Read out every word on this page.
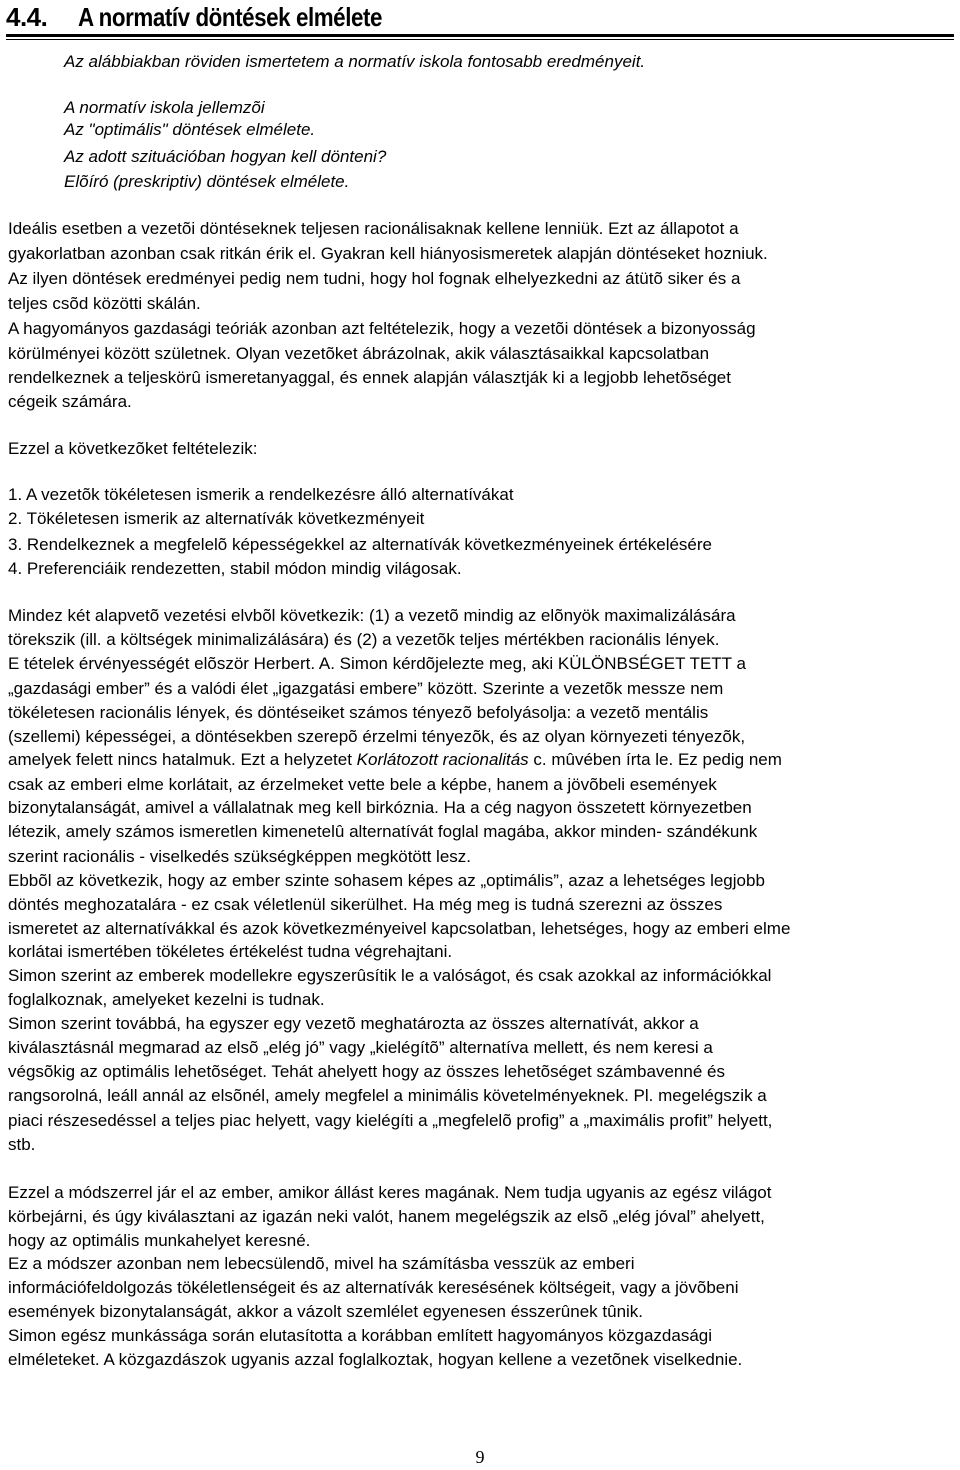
4.4.	A normatív döntések elmélete
Az alábbiakban röviden ismertetem a normatív iskola fontosabb eredményeit.
A normatív iskola jellemzõi
Az "optimális" döntések elmélete.
Az adott szituációban hogyan kell dönteni?
Elõíró (preskriptiv) döntések elmélete.
Ideális esetben a vezetõi döntéseknek teljesen racionálisaknak kellene lenniük. Ezt az állapotot a
gyakorlatban azonban csak ritkán érik el. Gyakran kell hiányosismeretek alapján döntéseket hozniuk.
Az ilyen döntések eredményei pedig nem tudni, hogy hol fognak elhelyezkedni az átütõ siker és a
teljes csõd közötti skálán.
A hagyományos gazdasági teóriák azonban azt feltételezik, hogy a vezetõi döntések a bizonyosság
körülményei között születnek. Olyan vezetõket ábrázolnak, akik választásaikkal kapcsolatban
rendelkeznek a teljeskörû ismeretanyaggal, és ennek alapján választják ki a legjobb lehetõséget
cégeik számára.
Ezzel a következõket feltételezik:
1. A vezetõk tökéletesen ismerik a rendelkezésre álló alternatívákat
2. Tökéletesen ismerik az alternatívák következményeit
3. Rendelkeznek a megfelelõ képességekkel az alternatívák következményeinek értékelésére
4. Preferenciáik rendezetten, stabil módon mindig világosak.
Mindez két alapvetõ vezetési elvbõl következik: (1) a vezetõ mindig az elõnyök maximalizálására
törekszik (ill. a költségek minimalizálására) és (2) a vezetõk teljes mértékben racionális lények.
E tételek érvényességét elõször Herbert. A. Simon kérdõjelezte meg, aki KÜLÖNBSÉGET TETT a
„gazdasági ember” és a valódi élet „igazgatási embere” között. Szerinte a vezetõk messze nem
tökéletesen racionális lények, és döntéseiket számos tényezõ befolyásolja: a vezetõ mentális
(szellemi) képességei, a döntésekben szerepõ érzelmi tényezõk, és az olyan környezeti tényezõk,
amelyek felett nincs hatalmuk. Ezt a helyzetet Korlátozott racionalitás c. mûvében írta le. Ez pedig nem
csak az emberi elme korlátait, az érzelmeket vette bele a képbe, hanem a jövõbeli események
bizonytalanságát, amivel a vállalatnak meg kell birkóznia. Ha a cég nagyon összetett környezetben
létezik, amely számos ismeretlen kimenetelû alternatívát foglal magába, akkor minden- szándékunk
szerint racionális - viselkedés szükségképpen megkötött lesz.
Ebbõl az következik, hogy az ember szinte sohasem képes az „optimális”, azaz a lehetséges legjobb
döntés meghozatalára - ez csak véletlenül sikerülhet. Ha még meg is tudná szerezni az összes
ismeretet az alternatívákkal és azok következményeivel kapcsolatban, lehetséges, hogy az emberi elme
korlátai ismertében tökéletes értékelést tudna végrehajtani.
Simon szerint az emberek modellekre egyszerûsítik le a valóságot, és csak azokkal az információkkal
foglalkoznak, amelyeket kezelni is tudnak.
Simon szerint továbbá, ha egyszer egy vezetõ meghatározta az összes alternatívát, akkor a
kiválasztásnál megmarad az elsõ „elég jó” vagy „kielégítõ” alternatíva mellett, és nem keresi a
végsõkig az optimális lehetõséget. Tehát ahelyett hogy az összes lehetõséget számbavenné és
rangsorolná, leáll annál az elsõnél, amely megfelel a minimális követelményeknek. Pl. megelégszik a
piaci részesedéssel a teljes piac helyett, vagy kielégíti a „megfelelõ profig” a „maximális profit” helyett,
stb.
Ezzel a módszerrel jár el az ember, amikor állást keres magának. Nem tudja ugyanis az egész világot
körbejárni, és úgy kiválasztani az igazán neki valót, hanem megelégszik az elsõ „elég jóval” ahelyett,
hogy az optimális munkahelyet keresné.
Ez a módszer azonban nem lebecsülendõ, mivel ha számításba vesszük az emberi
információfeldolgozás tökéletlenségeit és az alternatívák keresésének költségeit, vagy a jövõbeni
események bizonytalanságát, akkor a vázolt szemlélet egyenesen ésszerûnek tûnik.
Simon egész munkássága során elutasította a korábban említett hagyományos közgazdasági
elméleteket. A közgazdászok ugyanis azzal foglalkoztak, hogyan kellene a vezetõnek viselkednie.
9
